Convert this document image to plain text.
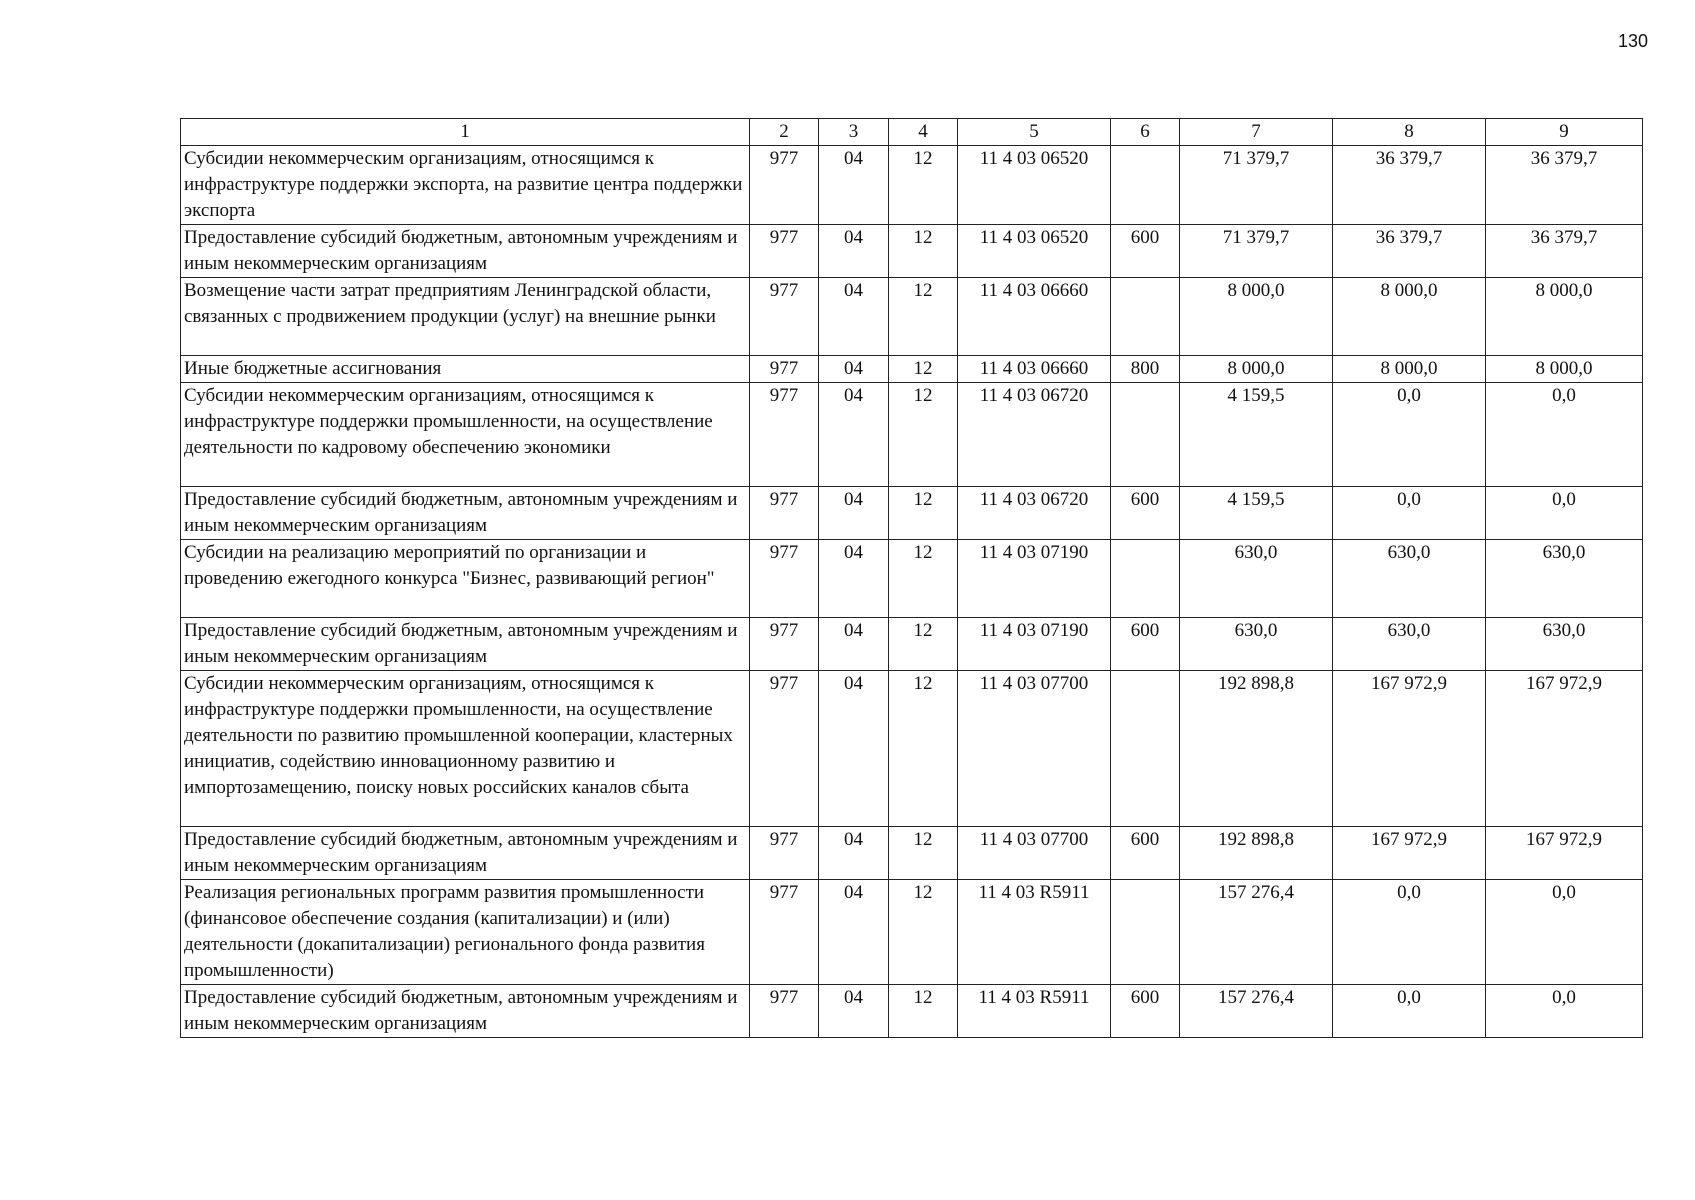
130
1	2	3	4	5	6	7	8	9
Субсидии некоммерческим организациям, относящимся к инфраструктуре поддержки экспорта, на развитие центра поддержки экспорта	977	04	12	11 4 03 06520		71 379,7	36 379,7	36 379,7
Предоставление субсидий бюджетным, автономным учреждениям и иным некоммерческим организациям	977	04	12	11 4 03 06520	600	71 379,7	36 379,7	36 379,7
Возмещение части затрат предприятиям Ленинградской области, связанных с продвижением продукции (услуг) на внешние рынки	977	04	12	11 4 03 06660		8 000,0	8 000,0	8 000,0
Иные бюджетные ассигнования	977	04	12	11 4 03 06660	800	8 000,0	8 000,0	8 000,0
Субсидии некоммерческим организациям, относящимся к инфраструктуре поддержки промышленности, на осуществление деятельности по кадровому обеспечению экономики	977	04	12	11 4 03 06720		4 159,5	0,0	0,0
Предоставление субсидий бюджетным, автономным учреждениям и иным некоммерческим организациям	977	04	12	11 4 03 06720	600	4 159,5	0,0	0,0
Субсидии на реализацию мероприятий по организации и проведению ежегодного конкурса "Бизнес, развивающий регион"	977	04	12	11 4 03 07190		630,0	630,0	630,0
Предоставление субсидий бюджетным, автономным учреждениям и иным некоммерческим организациям	977	04	12	11 4 03 07190	600	630,0	630,0	630,0
Субсидии некоммерческим организациям, относящимся к инфраструктуре поддержки промышленности, на осуществление деятельности по развитию промышленной кооперации, кластерных инициатив, содействию инновационному развитию и импортозамещению, поиску новых российских каналов сбыта	977	04	12	11 4 03 07700		192 898,8	167 972,9	167 972,9
Предоставление субсидий бюджетным, автономным учреждениям и иным некоммерческим организациям	977	04	12	11 4 03 07700	600	192 898,8	167 972,9	167 972,9
Реализация региональных программ развития промышленности (финансовое обеспечение создания (капитализации) и (или) деятельности (докапитализации) регионального фонда развития промышленности)	977	04	12	11 4 03 R5911		157 276,4	0,0	0,0
Предоставление субсидий бюджетным, автономным учреждениям и иным некоммерческим организациям	977	04	12	11 4 03 R5911	600	157 276,4	0,0	0,0
